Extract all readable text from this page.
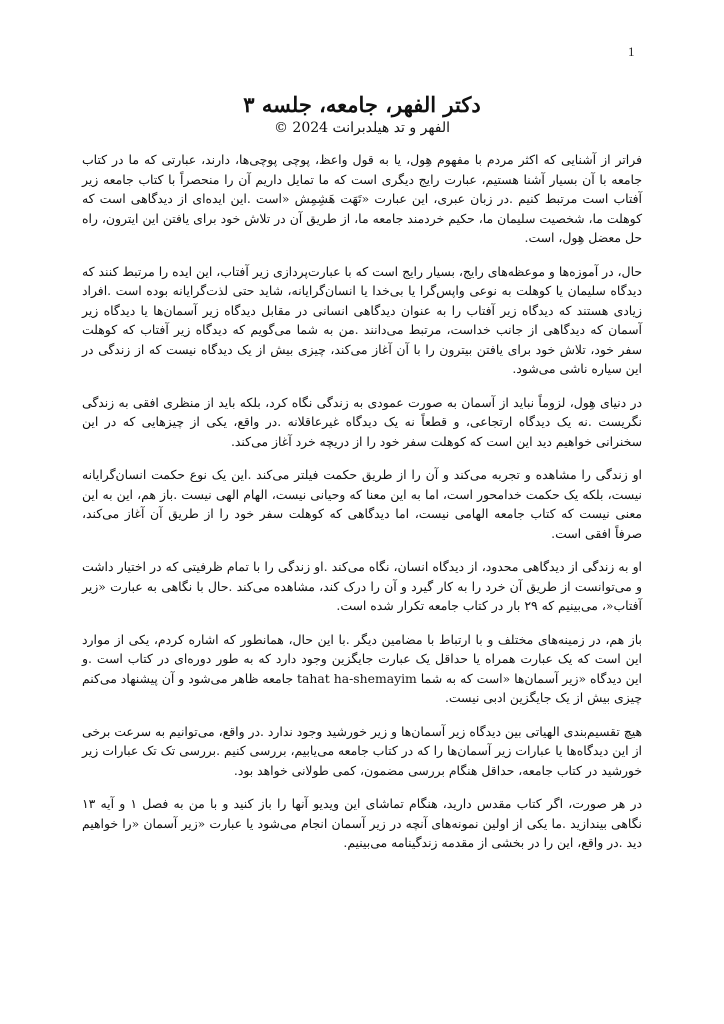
1
دکتر الفهر، جامعه، جلسه ۳
الفهر و تد هیلدبرانت 2024 ©

فراتر از آشنایی که اکثر مردم با مفهوم هِول، یا به قول واعظ، پوچی پوچی‌ها، دارند، عبارتی که ما در کتاب جامعه با آن بسیار آشنا هستیم، عبارت رایج دیگری است که ما تمایل داریم آن را منحصراً با کتاب جامعه زیر آفتاب است مرتبط کنیم .در زبان عبری، این عبارت «تَهَت هَشِمِش «است .این ایده‌ای از دیدگاهی است که کوهلت ما، شخصیت سلیمان ما، حکیم خردمند جامعه ما، از طریق آن در تلاش خود برای یافتن این ایترون، راه حل معضل هِول، است.

حال، در آموزه‌ها و موعظه‌های رایج، بسیار رایج است که با عبارت‌پردازی زیر آفتاب، این ایده را مرتبط کنند که دیدگاه سلیمان یا کوهلت به نوعی واپس‌گرا یا بی‌خدا یا انسان‌گرایانه، شاید حتی لذت‌گرایانه بوده است .افراد زیادی هستند که دیدگاه زیر آفتاب را به عنوان دیدگاهی انسانی در مقابل دیدگاه زیر آسمان‌ها یا دیدگاه زیر آسمان که دیدگاهی از جانب خداست، مرتبط می‌دانند .من به شما می‌گویم که دیدگاه زیر آفتاب که کوهلت سفر خود، تلاش خود برای یافتن بیترون را با آن آغاز می‌کند، چیزی بیش از یک دیدگاه نیست که از زندگی در این سیاره ناشی می‌شود.

در دنیای هِول، لزوماً نباید از آسمان به صورت عمودی به زندگی نگاه کرد، بلکه باید از منظری افقی به زندگی نگریست .نه یک دیدگاه ارتجاعی، و قطعاً نه یک دیدگاه غیرعاقلانه .در واقع، یکی از چیزهایی که در این سخنرانی خواهیم دید این است که کوهلت سفر خود را از دریچه خرد آغاز می‌کند.

او زندگی را مشاهده و تجربه می‌کند و آن را از طریق حکمت فیلتر می‌کند .این یک نوع حکمت انسان‌گرایانه نیست، بلکه یک حکمت خدامحور است، اما به این معنا که وحیانی نیست، الهام الهی نیست .باز هم، این به این معنی نیست که کتاب جامعه الهامی نیست، اما دیدگاهی که کوهلت سفر خود را از طریق آن آغاز می‌کند، صرفاً افقی است.

او به زندگی از دیدگاهی محدود، از دیدگاه انسان، نگاه می‌کند .او زندگی را با تمام ظرفیتی که در اختیار داشت و می‌توانست از طریق آن خرد را به کار گیرد و آن را درک کند، مشاهده می‌کند .حال با نگاهی به عبارت «زیر آفتاب«، می‌بینیم که ۲۹ بار در کتاب جامعه تکرار شده است.

باز هم، در زمینه‌های مختلف و با ارتباط با مضامین دیگر .با این حال، همانطور که اشاره کردم، یکی از موارد این است که یک عبارت همراه یا حداقل یک عبارت جایگزین وجود دارد که به طور دوره‌ای در کتاب است .و این دیدگاه «زیر آسمان‌ها «است که به شما tahat ha-shemayim جامعه ظاهر می‌شود و آن پیشنهاد می‌کنم چیزی بیش از یک جایگزین ادبی نیست.

هیچ تقسیم‌بندی الهیاتی بین دیدگاه زیر آسمان‌ها و زیر خورشید وجود ندارد .در واقع، می‌توانیم به سرعت برخی از این دیدگاه‌ها یا عبارات زیر آسمان‌ها را که در کتاب جامعه می‌یابیم، بررسی کنیم .بررسی تک تک عبارات زیر خورشید در کتاب جامعه، حداقل هنگام بررسی مضمون، کمی طولانی خواهد بود.

در هر صورت، اگر کتاب مقدس دارید، هنگام تماشای این ویدیو آنها را باز کنید و با من به فصل ۱ و آیه ۱۳ نگاهی بیندازید .ما یکی از اولین نمونه‌های آنچه در زیر آسمان انجام می‌شود یا عبارت «زیر آسمان «را خواهیم دید .در واقع، این را در بخشی از مقدمه زندگینامه می‌بینیم.
